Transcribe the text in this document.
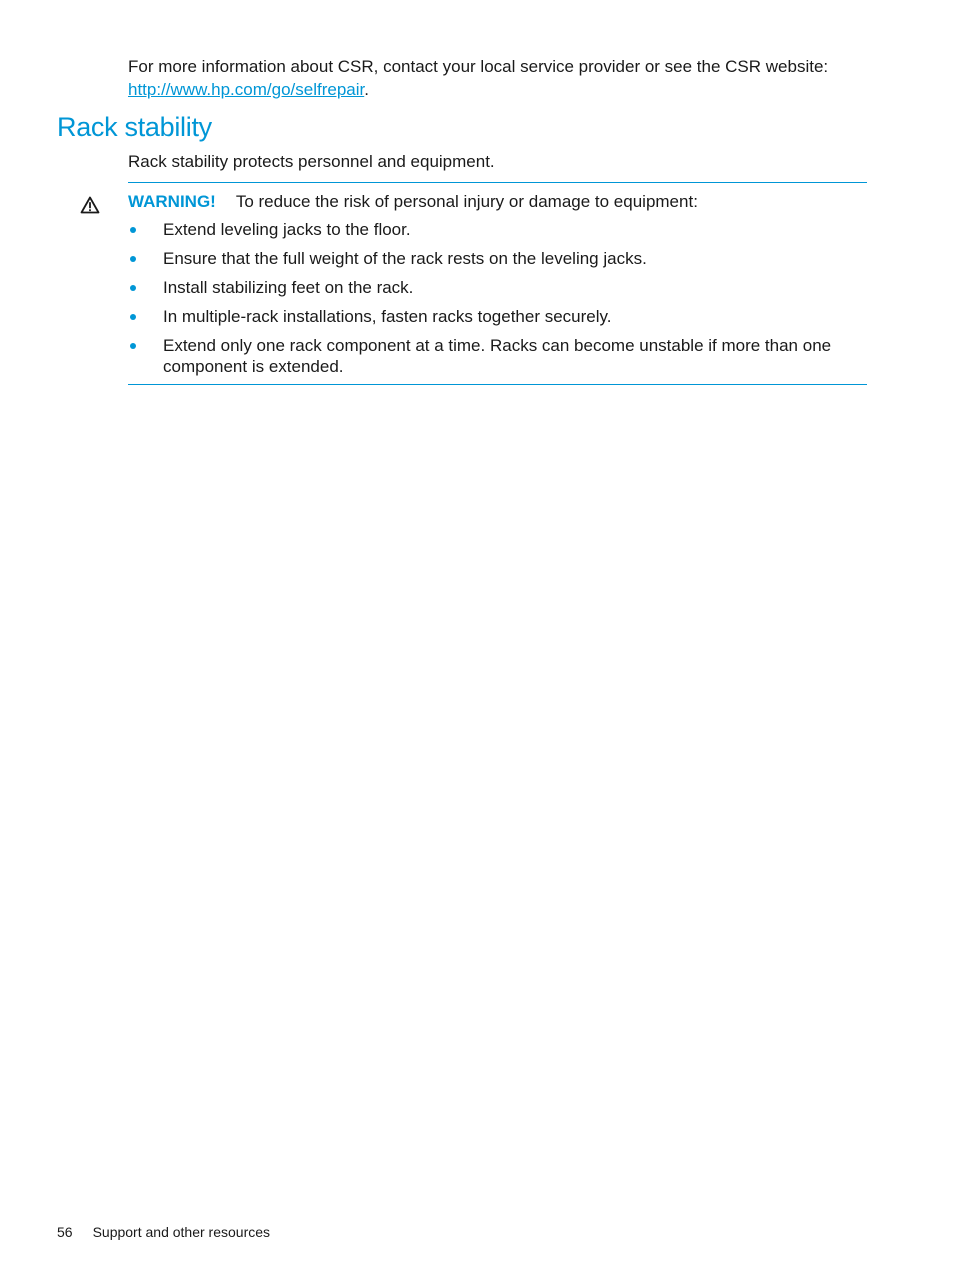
For more information about CSR, contact your local service provider or see the CSR website:
http://www.hp.com/go/selfrepair.
Rack stability
Rack stability protects personnel and equipment.
WARNING! To reduce the risk of personal injury or damage to equipment:
Extend leveling jacks to the floor.
Ensure that the full weight of the rack rests on the leveling jacks.
Install stabilizing feet on the rack.
In multiple-rack installations, fasten racks together securely.
Extend only one rack component at a time. Racks can become unstable if more than one component is extended.
56 Support and other resources
